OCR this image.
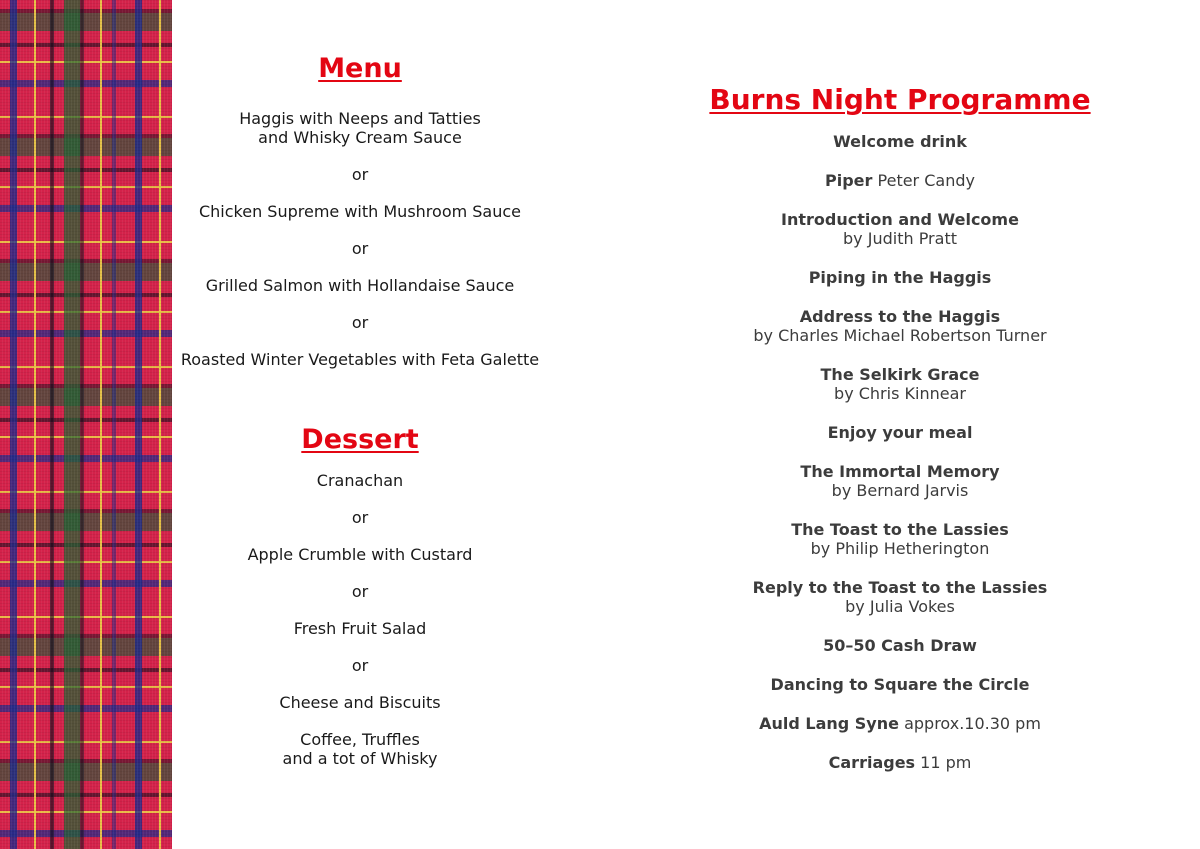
Menu

Haggis with Neeps and Tatties
and Whisky Cream Sauce

or

Chicken Supreme with Mushroom Sauce

or

Grilled Salmon with Hollandaise Sauce

or

Roasted Winter Vegetables with Feta Galette

Dessert

Cranachan

or

Apple Crumble with Custard

or

Fresh Fruit Salad

or

Cheese and Biscuits

Coffee, Truffles
and a tot of Whisky

Burns Night Programme

Welcome drink

Piper Peter Candy

Introduction and Welcome
by Judith Pratt

Piping in the Haggis

Address to the Haggis
by Charles Michael Robertson Turner

The Selkirk Grace
by Chris Kinnear

Enjoy your meal

The Immortal Memory
by Bernard Jarvis

The Toast to the Lassies
by Philip Hetherington

Reply to the Toast to the Lassies
by Julia Vokes

50–50 Cash Draw

Dancing to Square the Circle

Auld Lang Syne approx.10.30 pm

Carriages 11 pm
